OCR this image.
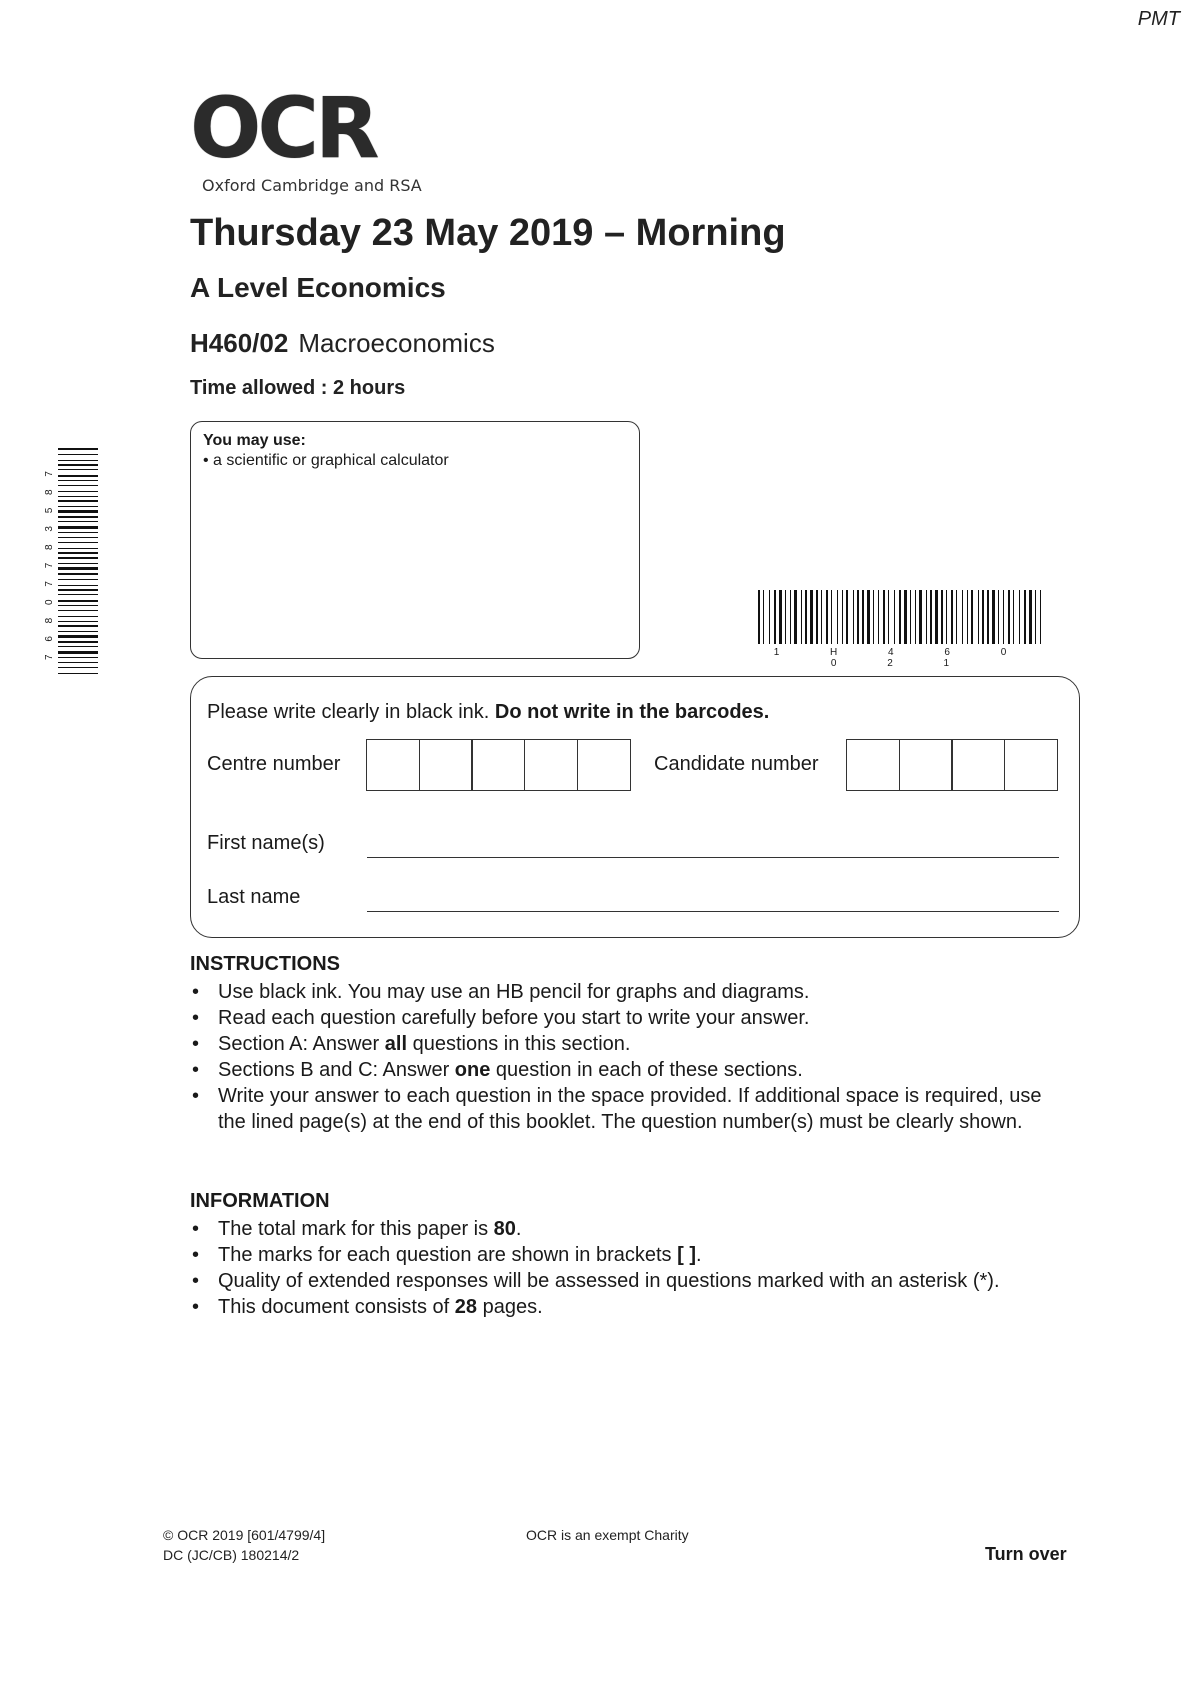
PMT
OCR
Oxford Cambridge and RSA
Thursday 23 May 2019 – Morning
A Level Economics
H460/02 Macroeconomics
Time allowed : 2 hours
You may use:
• a scientific or graphical calculator
7 6 8 0 7 7 8 3 5 8 7	1 H 4 6 0 0 2 1
Please write clearly in black ink. Do not write in the barcodes.
Centre number	Candidate number
First name(s)
Last name
INSTRUCTIONS
• Use black ink. You may use an HB pencil for graphs and diagrams.
• Read each question carefully before you start to write your answer.
• Section A: Answer all questions in this section.
• Sections B and C: Answer one question in each of these sections.
• Write your answer to each question in the space provided. If additional space is required, use the lined page(s) at the end of this booklet. The question number(s) must be clearly shown.
INFORMATION
• The total mark for this paper is 80.
• The marks for each question are shown in brackets [ ].
• Quality of extended responses will be assessed in questions marked with an asterisk (*).
• This document consists of 28 pages.
© OCR 2019 [601/4799/4]
DC (JC/CB) 180214/2
OCR is an exempt Charity
Turn over
